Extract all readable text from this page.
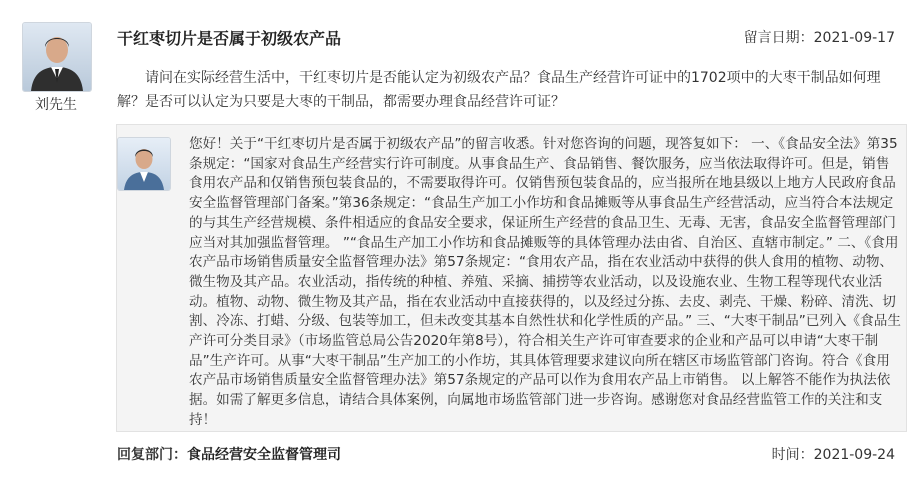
干红枣切片是否属于初级农产品	留言日期：2021-09-17
刘先生
请问在实际经营生活中，干红枣切片是否能认定为初级农产品？食品生产经营许可证中的1702项中的大枣干制品如何理解？是否可以认定为只要是大枣的干制品，都需要办理食品经营许可证？
您好！关于“干红枣切片是否属于初级农产品”的留言收悉。针对您咨询的问题，现答复如下： 一、《食品安全法》第35条规定：“国家对食品生产经营实行许可制度。从事食品生产、食品销售、餐饮服务，应当依法取得许可。但是，销售食用农产品和仅销售预包装食品的，不需要取得许可。仅销售预包装食品的，应当报所在地县级以上地方人民政府食品安全监督管理部门备案。”第36条规定：“食品生产加工小作坊和食品摊贩等从事食品生产经营活动，应当符合本法规定的与其生产经营规模、条件相适应的食品安全要求，保证所生产经营的食品卫生、无毒、无害，食品安全监督管理部门应当对其加强监督管理。 ”“食品生产加工小作坊和食品摊贩等的具体管理办法由省、自治区、直辖市制定。” 二、《食用农产品市场销售质量安全监督管理办法》第57条规定：“食用农产品，指在农业活动中获得的供人食用的植物、动物、微生物及其产品。农业活动，指传统的种植、养殖、采摘、捕捞等农业活动，以及设施农业、生物工程等现代农业活动。植物、动物、微生物及其产品，指在农业活动中直接获得的，以及经过分拣、去皮、剥壳、干燥、粉碎、清洗、切割、冷冻、打蜡、分级、包装等加工，但未改变其基本自然性状和化学性质的产品。” 三、“大枣干制品”已列入《食品生产许可分类目录》（市场监管总局公告2020年第8号），符合相关生产许可审查要求的企业和产品可以申请“大枣干制品”生产许可。从事“大枣干制品”生产加工的小作坊，其具体管理要求建议向所在辖区市场监管部门咨询。符合《食用农产品市场销售质量安全监督管理办法》第57条规定的产品可以作为食用农产品上市销售。 以上解答不能作为执法依据。如需了解更多信息，请结合具体案例，向属地市场监管部门进一步咨询。感谢您对食品经营监管工作的关注和支持！
回复部门：食品经营安全监督管理司	时间：2021-09-24
